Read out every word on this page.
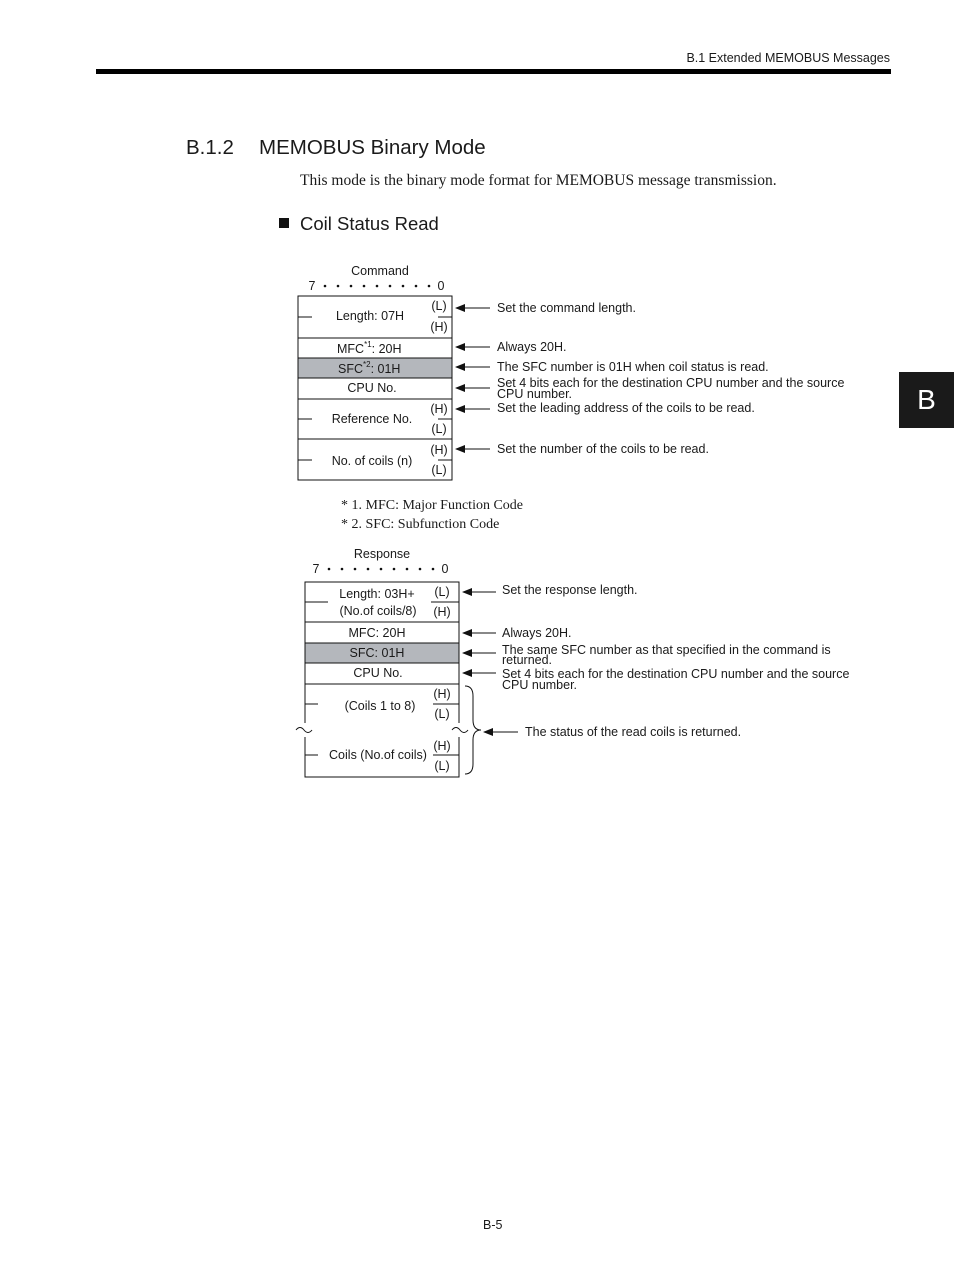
B.1 Extended MEMOBUS Messages
B
B.1.2 MEMOBUS Binary Mode
This mode is the binary mode format for MEMOBUS message transmission.
Coil Status Read
Command
7	0
Length: 07H
(L)
(H)
MFC$^{*1}$: 20H
SFC$^{*2}$: 01H
CPU No.
Reference No.
(H)
(L)
No. of coils (n)
(H)
(L)
Set the command length.
Always 20H.
The SFC number is 01H when coil status is read.
Set 4 bits each for the destination CPU number and the source
CPU number.
Set the leading address of the coils to be read.
Set the number of the coils to be read.
Response
7	0
Length: 03H+
(No.of coils/8)
(L)
(H)
MFC: 20H
SFC: 01H
CPU No.
(Coils 1 to 8)
(H)
(L)
Coils (No.of coils)
(H)
(L)
Set the response length.
Always 20H.
The same SFC number as that specified in the command is
returned.
Set 4 bits each for the destination CPU number and the source
CPU number.
The status of the read coils is returned.
* 1. MFC: Major Function Code
* 2. SFC: Subfunction Code
B-5
